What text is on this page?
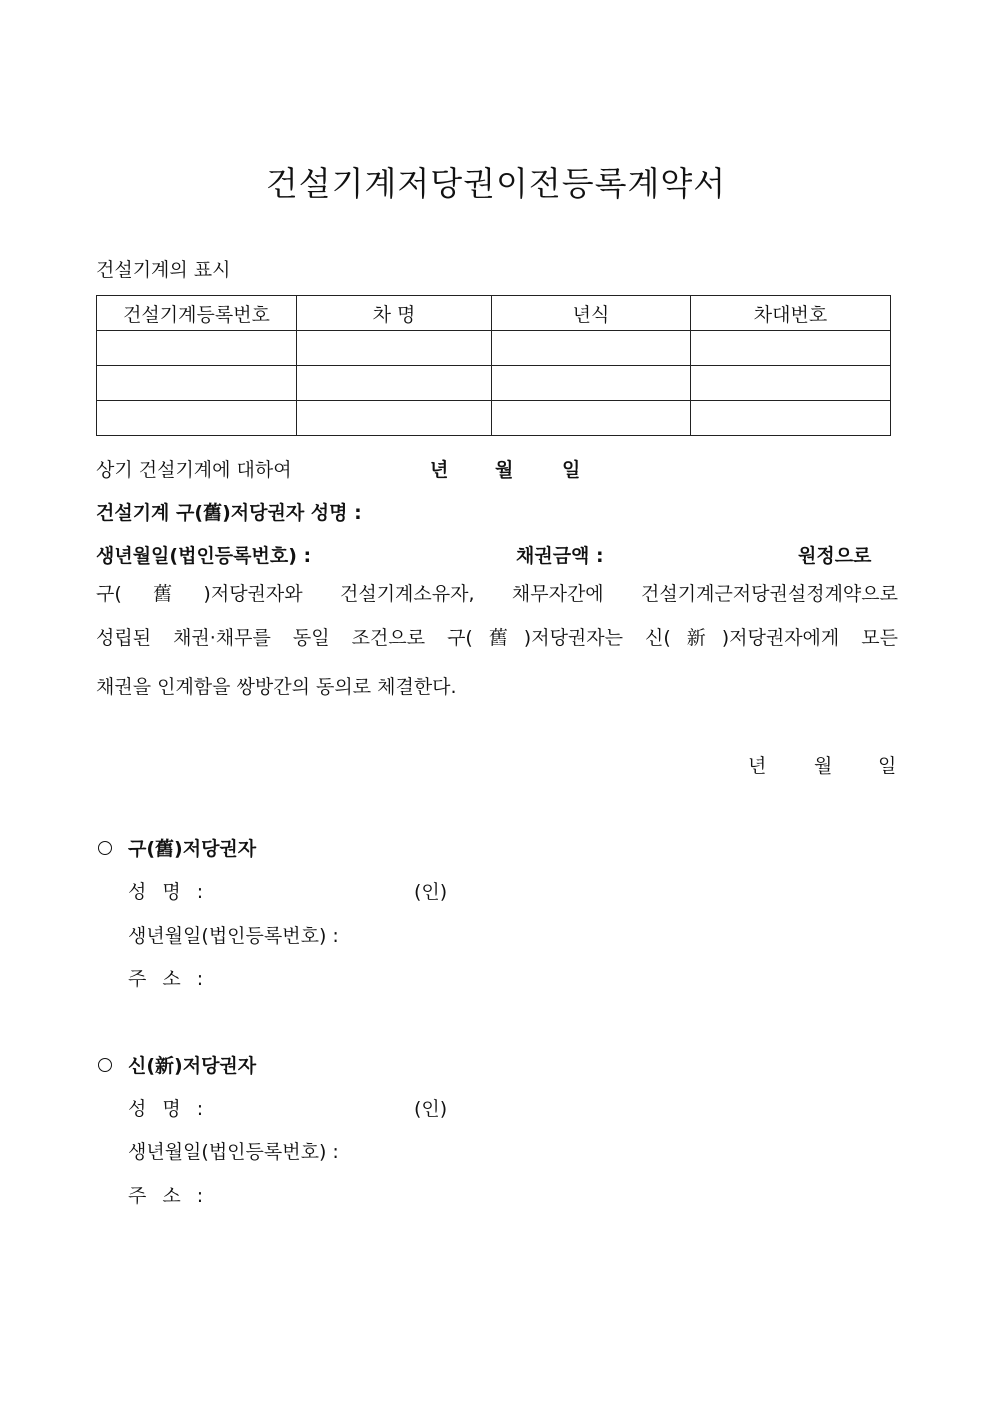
건설기계저당권이전등록계약서
건설기계의 표시
건설기계등록번호	차 명	년식	차대번호

상기 건설기계에 대하여	년 월	일
건설기계 구(舊)저당권자 성명 :
생년월일(법인등록번호) :	채권금액 :	원정으로
구(舊)저당권자와 건설기계소유자, 채무자간에 건설기계근저당권설정계약으로
성립된 채권·채무를 동일 조건으로 구(舊)저당권자는 신(新)저당권자에게 모든
채권을 인계함을 쌍방간의 동의로 체결한다.
년	월 일
구(舊)저당권자
성 명 :	(인)
생년월일(법인등록번호) :
주 소 :
신(新)저당권자
성 명 :	(인)
생년월일(법인등록번호) :
주 소 :
